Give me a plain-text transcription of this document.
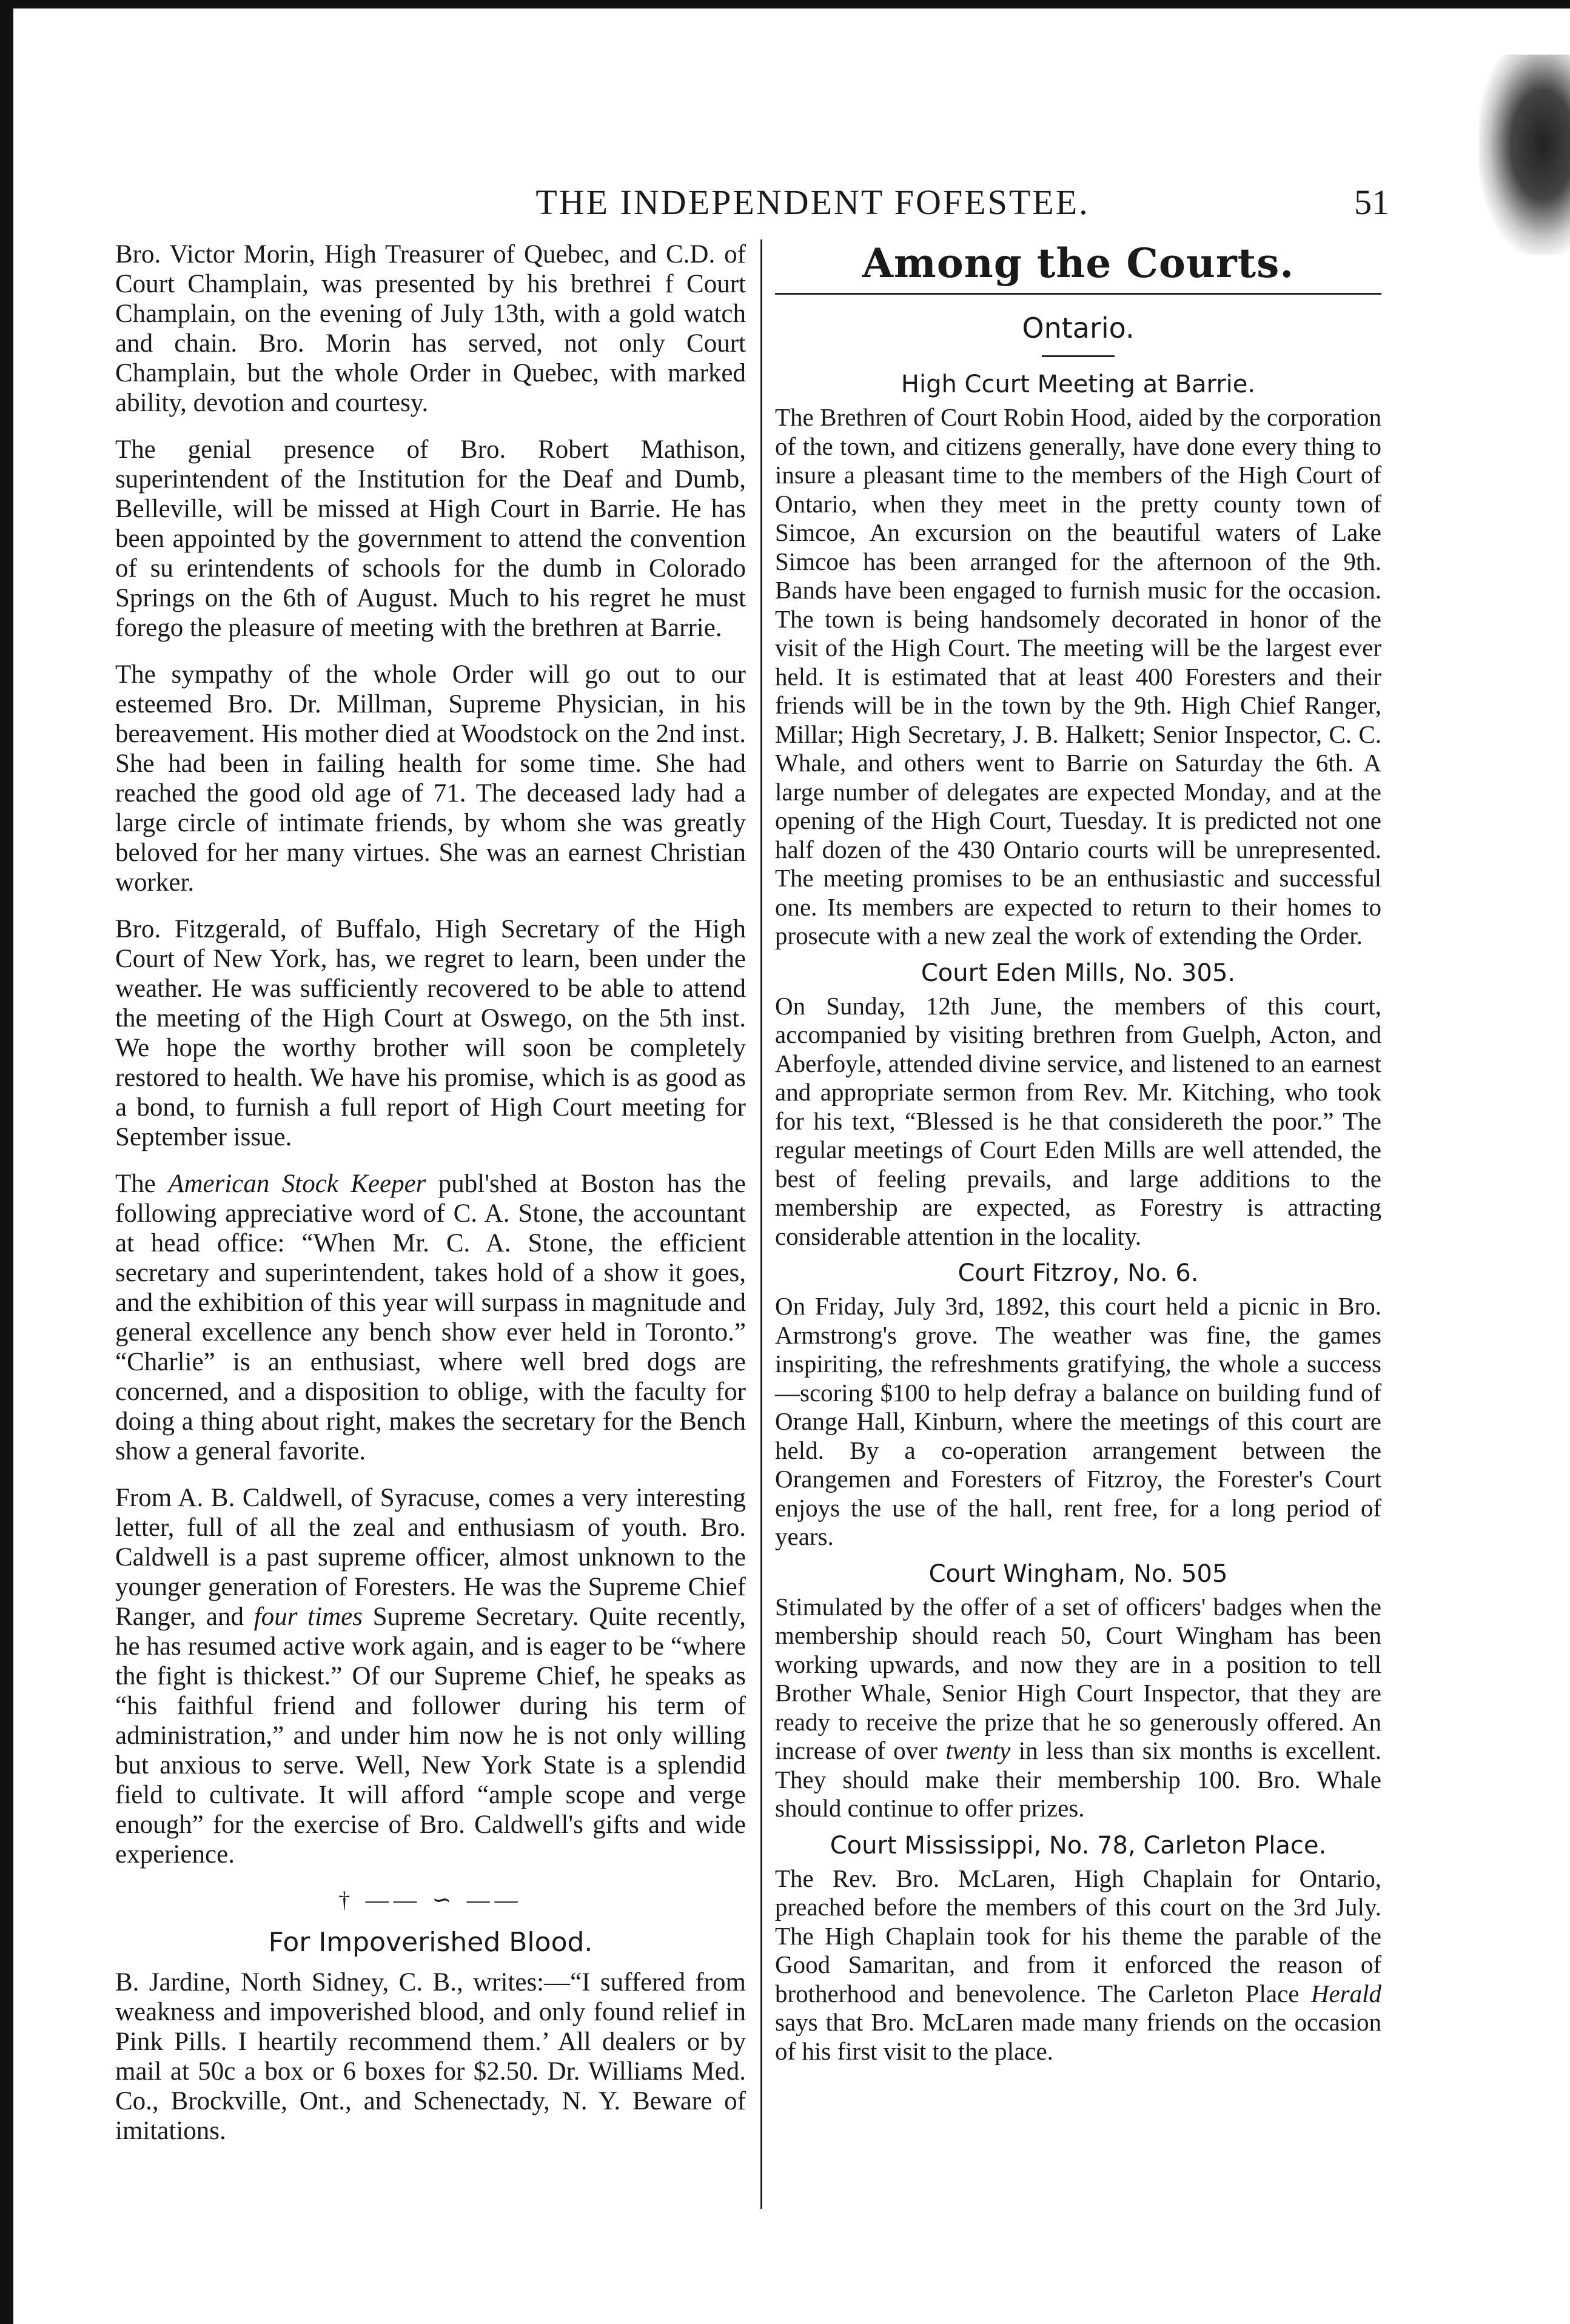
THE INDEPENDENT FOFESTEE.	51

Bro. Victor Morin, High Treasurer of Quebec, and C.D. of Court Champlain, was presented by his brethrei f Court Champlain, on the evening of July 13th, with a gold watch and chain. Bro. Morin has served, not only Court Champlain, but the whole Order in Quebec, with marked ability, devotion and courtesy.

The genial presence of Bro. Robert Mathison, superintendent of the Institution for the Deaf and Dumb, Belleville, will be missed at High Court in Barrie. He has been appointed by the government to attend the convention of su erintendents of schools for the dumb in Colorado Springs on the 6th of August. Much to his regret he must forego the pleasure of meeting with the brethren at Barrie.

The sympathy of the whole Order will go out to our esteemed Bro. Dr. Millman, Supreme Physician, in his bereavement. His mother died at Woodstock on the 2nd inst. She had been in failing health for some time. She had reached the good old age of 71. The deceased lady had a large circle of intimate friends, by whom she was greatly beloved for her many virtues. She was an earnest Christian worker.

Bro. Fitzgerald, of Buffalo, High Secretary of the High Court of New York, has, we regret to learn, been under the weather. He was sufficiently recovered to be able to attend the meeting of the High Court at Oswego, on the 5th inst. We hope the worthy brother will soon be completely restored to health. We have his promise, which is as good as a bond, to furnish a full report of High Court meeting for September issue.

The American Stock Keeper publ'shed at Boston has the following appreciative word of C. A. Stone, the accountant at head office: “When Mr. C. A. Stone, the efficient secretary and superintendent, takes hold of a show it goes, and the exhibition of this year will surpass in magnitude and general excellence any bench show ever held in Toronto.” “Charlie” is an enthusiast, where well bred dogs are concerned, and a disposition to oblige, with the faculty for doing a thing about right, makes the secretary for the Bench show a general favorite.

From A. B. Caldwell, of Syracuse, comes a very interesting letter, full of all the zeal and enthusiasm of youth. Bro. Caldwell is a past supreme officer, almost unknown to the younger generation of Foresters. He was the Supreme Chief Ranger, and four times Supreme Secretary. Quite recently, he has resumed active work again, and is eager to be “where the fight is thickest.” Of our Supreme Chief, he speaks as “his faithful friend and follower during his term of administration,” and under him now he is not only willing but anxious to serve. Well, New York State is a splendid field to cultivate. It will afford “ample scope and verge enough” for the exercise of Bro. Caldwell's gifts and wide experience.

† —— ∽ ——
For Impoverished Blood.

B. Jardine, North Sidney, C. B., writes:—“I suffered from weakness and impoverished blood, and only found relief in Pink Pills. I heartily recommend them.’ All dealers or by mail at 50c a box or 6 boxes for $2.50. Dr. Williams Med. Co., Brockville, Ont., and Schenectady, N. Y. Beware of imitations.

Among the Courts.
Ontario.
High Ccurt Meeting at Barrie.

The Brethren of Court Robin Hood, aided by the corporation of the town, and citizens generally, have done every thing to insure a pleasant time to the members of the High Court of Ontario, when they meet in the pretty county town of Simcoe, An excursion on the beautiful waters of Lake Simcoe has been arranged for the afternoon of the 9th. Bands have been engaged to furnish music for the occasion. The town is being handsomely decorated in honor of the visit of the High Court. The meeting will be the largest ever held. It is estimated that at least 400 Foresters and their friends will be in the town by the 9th. High Chief Ranger, Millar; High Secretary, J. B. Halkett; Senior Inspector, C. C. Whale, and others went to Barrie on Saturday the 6th. A large number of delegates are expected Monday, and at the opening of the High Court, Tuesday. It is predicted not one half dozen of the 430 Ontario courts will be unrepresented. The meeting promises to be an enthusiastic and successful one. Its members are expected to return to their homes to prosecute with a new zeal the work of extending the Order.

Court Eden Mills, No. 305.

On Sunday, 12th June, the members of this court, accompanied by visiting brethren from Guelph, Acton, and Aberfoyle, attended divine service, and listened to an earnest and appropriate sermon from Rev. Mr. Kitching, who took for his text, “Blessed is he that considereth the poor.” The regular meetings of Court Eden Mills are well attended, the best of feeling prevails, and large additions to the membership are expected, as Forestry is attracting considerable attention in the locality.

Court Fitzroy, No. 6.

On Friday, July 3rd, 1892, this court held a picnic in Bro. Armstrong's grove. The weather was fine, the games inspiriting, the refreshments gratifying, the whole a success—scoring $100 to help defray a balance on building fund of Orange Hall, Kinburn, where the meetings of this court are held. By a co-operation arrangement between the Orangemen and Foresters of Fitzroy, the Forester's Court enjoys the use of the hall, rent free, for a long period of years.

Court Wingham, No. 505

Stimulated by the offer of a set of officers' badges when the membership should reach 50, Court Wingham has been working upwards, and now they are in a position to tell Brother Whale, Senior High Court Inspector, that they are ready to receive the prize that he so generously offered. An increase of over twenty in less than six months is excellent. They should make their membership 100. Bro. Whale should continue to offer prizes.

Court Mississippi, No. 78, Carleton Place.

The Rev. Bro. McLaren, High Chaplain for Ontario, preached before the members of this court on the 3rd July. The High Chaplain took for his theme the parable of the Good Samaritan, and from it enforced the reason of brotherhood and benevolence. The Carleton Place Herald says that Bro. McLaren made many friends on the occasion of his first visit to the place.
